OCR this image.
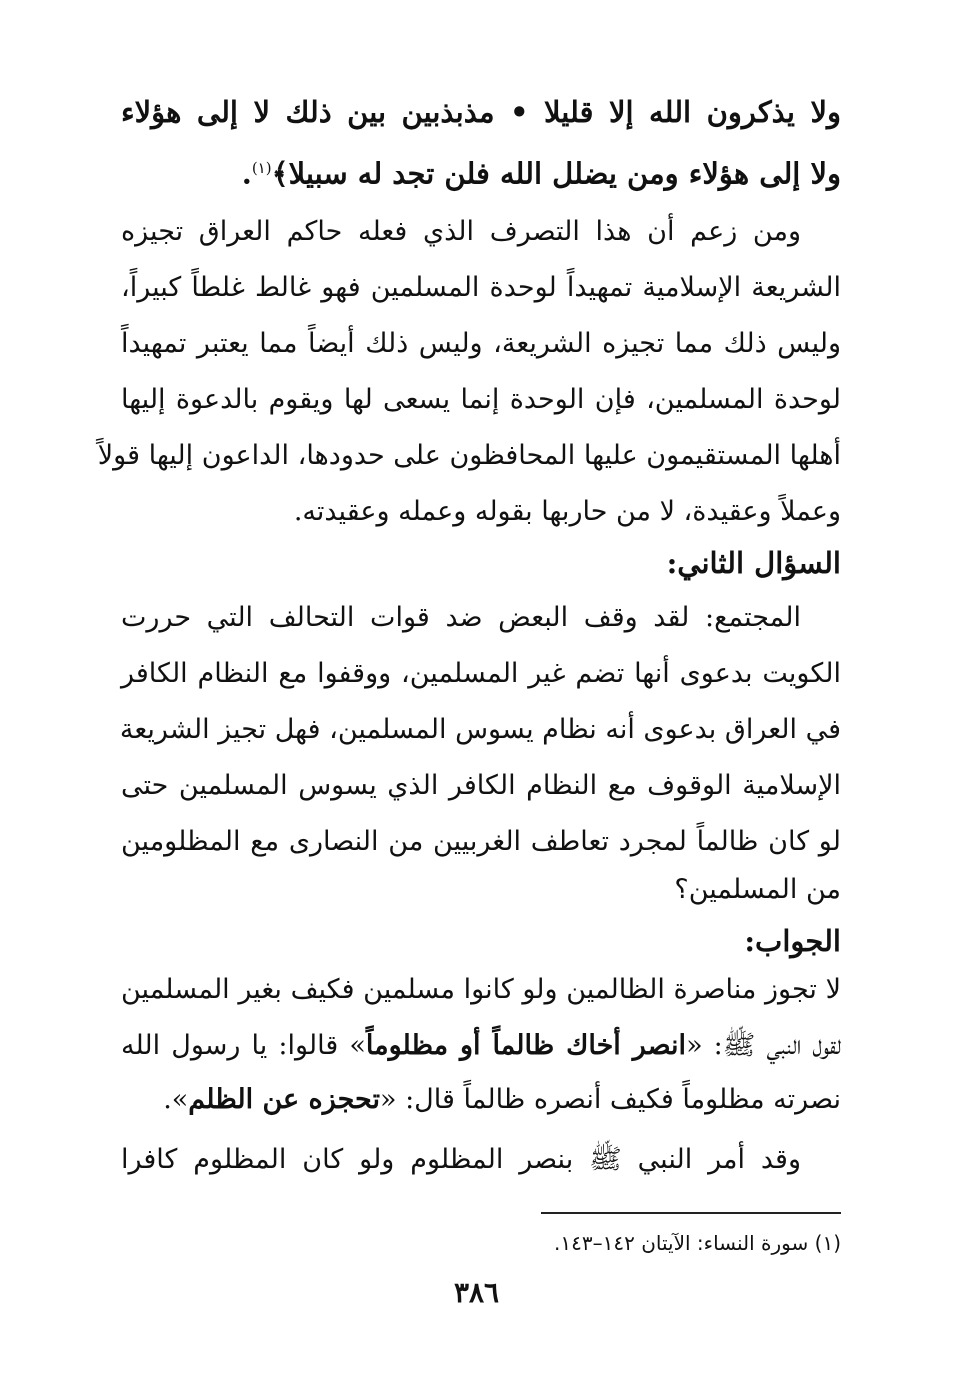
ولا يذكرون الله إلا قليلا • مذبذبين بين ذلك لا إلى هؤلاء
ولا إلى هؤلاء ومن يضلل الله فلن تجد له سبيلا﴾$^{(١)}$.
ومن زعم أن هذا التصرف الذي فعله حاكم العراق تجيزه
الشريعة الإسلامية تمهيداً لوحدة المسلمين فهو غالط غلطاً كبيراً،
وليس ذلك مما تجيزه الشريعة، وليس ذلك أيضاً مما يعتبر تمهيداً
لوحدة المسلمين، فإن الوحدة إنما يسعى لها ويقوم بالدعوة إليها
أهلها المستقيمون عليها المحافظون على حدودها، الداعون إليها قولاً
وعملاً وعقيدة، لا من حاربها بقوله وعمله وعقيدته.
السؤال الثاني:
المجتمع: لقد وقف البعض ضد قوات التحالف التي حررت
الكويت بدعوى أنها تضم غير المسلمين، ووقفوا مع النظام الكافر
في العراق بدعوى أنه نظام يسوس المسلمين، فهل تجيز الشريعة
الإسلامية الوقوف مع النظام الكافر الذي يسوس المسلمين حتى
لو كان ظالماً لمجرد تعاطف الغربيين من النصارى مع المظلومين
من المسلمين؟
الجواب:
لا تجوز مناصرة الظالمين ولو كانوا مسلمين فكيف بغير المسلمين
لقول النبي ﷺ: «انصر أخاك ظالماً أو مظلوماً» قالوا: يا رسول الله
نصرته مظلوماً فكيف أنصره ظالماً قال: «تحجزه عن الظلم».
وقد أمر النبي ﷺ بنصر المظلوم ولو كان المظلوم كافرا
(١) سورة النساء: الآيتان ١٤٢–١٤٣.
٣٨٦
